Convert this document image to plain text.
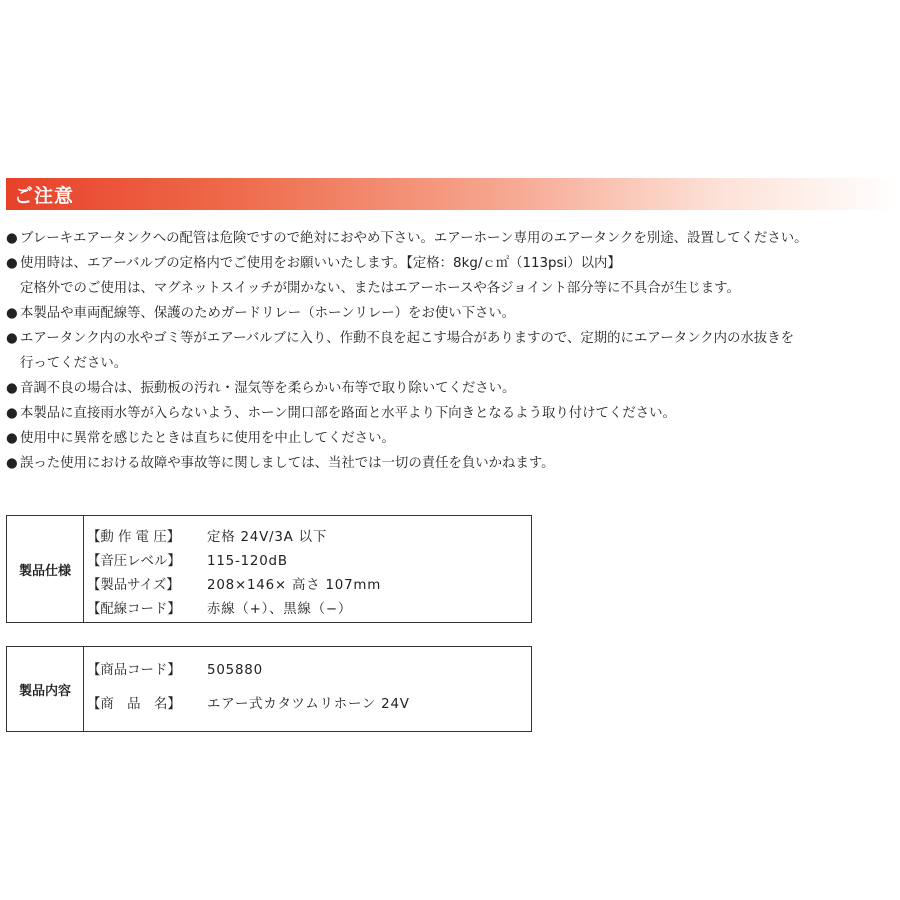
ご注意
● ブレーキエアータンクへの配管は危険ですので絶対におやめ下さい。エアーホーン専用のエアータンクを別途、設置してください。
● 使用時は、エアーバルブの定格内でご使用をお願いいたします。【定格：8kg/ｃ㎡（113psi）以内】
定格外でのご使用は、マグネットスイッチが開かない、またはエアーホースや各ジョイント部分等に不具合が生じます。
● 本製品や車両配線等、保護のためガードリレー（ホーンリレー）をお使い下さい。
● エアータンク内の水やゴミ等がエアーバルブに入り、作動不良を起こす場合がありますので、定期的にエアータンク内の水抜きを
行ってください。
● 音調不良の場合は、振動板の汚れ・湿気等を柔らかい布等で取り除いてください。
● 本製品に直接雨水等が入らないよう、ホーン開口部を路面と水平より下向きとなるよう取り付けてください。
● 使用中に異常を感じたときは直ちに使用を中止してください。
● 誤った使用における故障や事故等に関しましては、当社では一切の責任を負いかねます。
製品仕様
【動 作 電 圧】 定格 24V/3A 以下
【音圧レベル】 115-120dB
【製品サイズ】 208×146× 高さ 107mm
【配線コード】 赤線（+）、黒線（−）
製品内容
【商品コード】 505880
【商　品　名】 エアー式カタツムリホーン 24V
